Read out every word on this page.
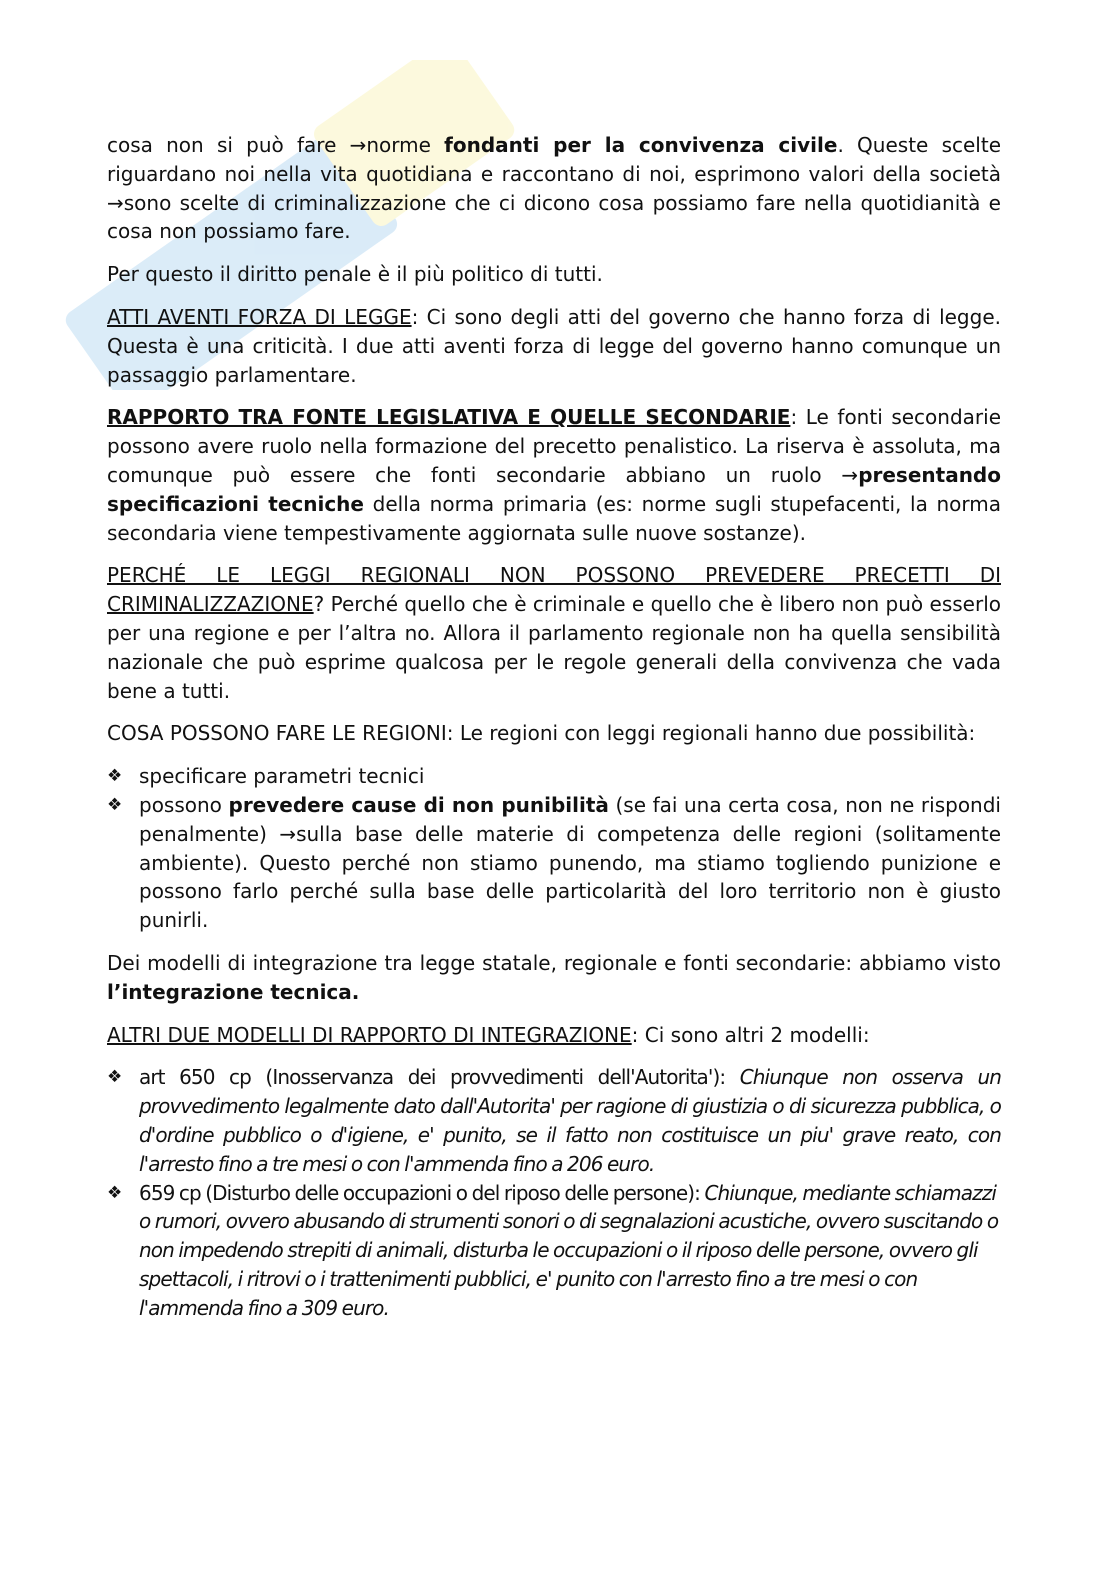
cosa non si può fare →norme fondanti per la convivenza civile. Queste scelte riguardano noi nella vita quotidiana e raccontano di noi, esprimono valori della società →sono scelte di criminalizzazione che ci dicono cosa possiamo fare nella quotidianità e cosa non possiamo fare.

Per questo il diritto penale è il più politico di tutti.

ATTI AVENTI FORZA DI LEGGE: Ci sono degli atti del governo che hanno forza di legge. Questa è una criticità. I due atti aventi forza di legge del governo hanno comunque un passaggio parlamentare.

RAPPORTO TRA FONTE LEGISLATIVA E QUELLE SECONDARIE: Le fonti secondarie possono avere ruolo nella formazione del precetto penalistico. La riserva è assoluta, ma comunque può essere che fonti secondarie abbiano un ruolo →presentando specificazioni tecniche della norma primaria (es: norme sugli stupefacenti, la norma secondaria viene tempestivamente aggiornata sulle nuove sostanze).

PERCHÉ LE LEGGI REGIONALI NON POSSONO PREVEDERE PRECETTI DI CRIMINALIZZAZIONE? Perché quello che è criminale e quello che è libero non può esserlo per una regione e per l’altra no. Allora il parlamento regionale non ha quella sensibilità nazionale che può esprime qualcosa per le regole generali della convivenza che vada bene a tutti.

COSA POSSONO FARE LE REGIONI: Le regioni con leggi regionali hanno due possibilità:

❖ specificare parametri tecnici
❖ possono prevedere cause di non punibilità (se fai una certa cosa, non ne rispondi penalmente) →sulla base delle materie di competenza delle regioni (solitamente ambiente). Questo perché non stiamo punendo, ma stiamo togliendo punizione e possono farlo perché sulla base delle particolarità del loro territorio non è giusto punirli.

Dei modelli di integrazione tra legge statale, regionale e fonti secondarie: abbiamo visto l’integrazione tecnica.

ALTRI DUE MODELLI DI RAPPORTO DI INTEGRAZIONE: Ci sono altri 2 modelli:

❖ art 650 cp (Inosservanza dei provvedimenti dell'Autorita'): Chiunque non osserva un provvedimento legalmente dato dall'Autorita' per ragione di giustizia o di sicurezza pubblica, o d'ordine pubblico o d'igiene, e' punito, se il fatto non costituisce un piu' grave reato, con l'arresto fino a tre mesi o con l'ammenda fino a 206 euro.
❖ 659 cp (Disturbo delle occupazioni o del riposo delle persone): Chiunque, mediante schiamazzi o rumori, ovvero abusando di strumenti sonori o di segnalazioni acustiche, ovvero suscitando o non impedendo strepiti di animali, disturba le occupazioni o il riposo delle persone, ovvero gli spettacoli, i ritrovi o i trattenimenti pubblici, e' punito con l'arresto fino a tre mesi o con l'ammenda fino a 309 euro.
